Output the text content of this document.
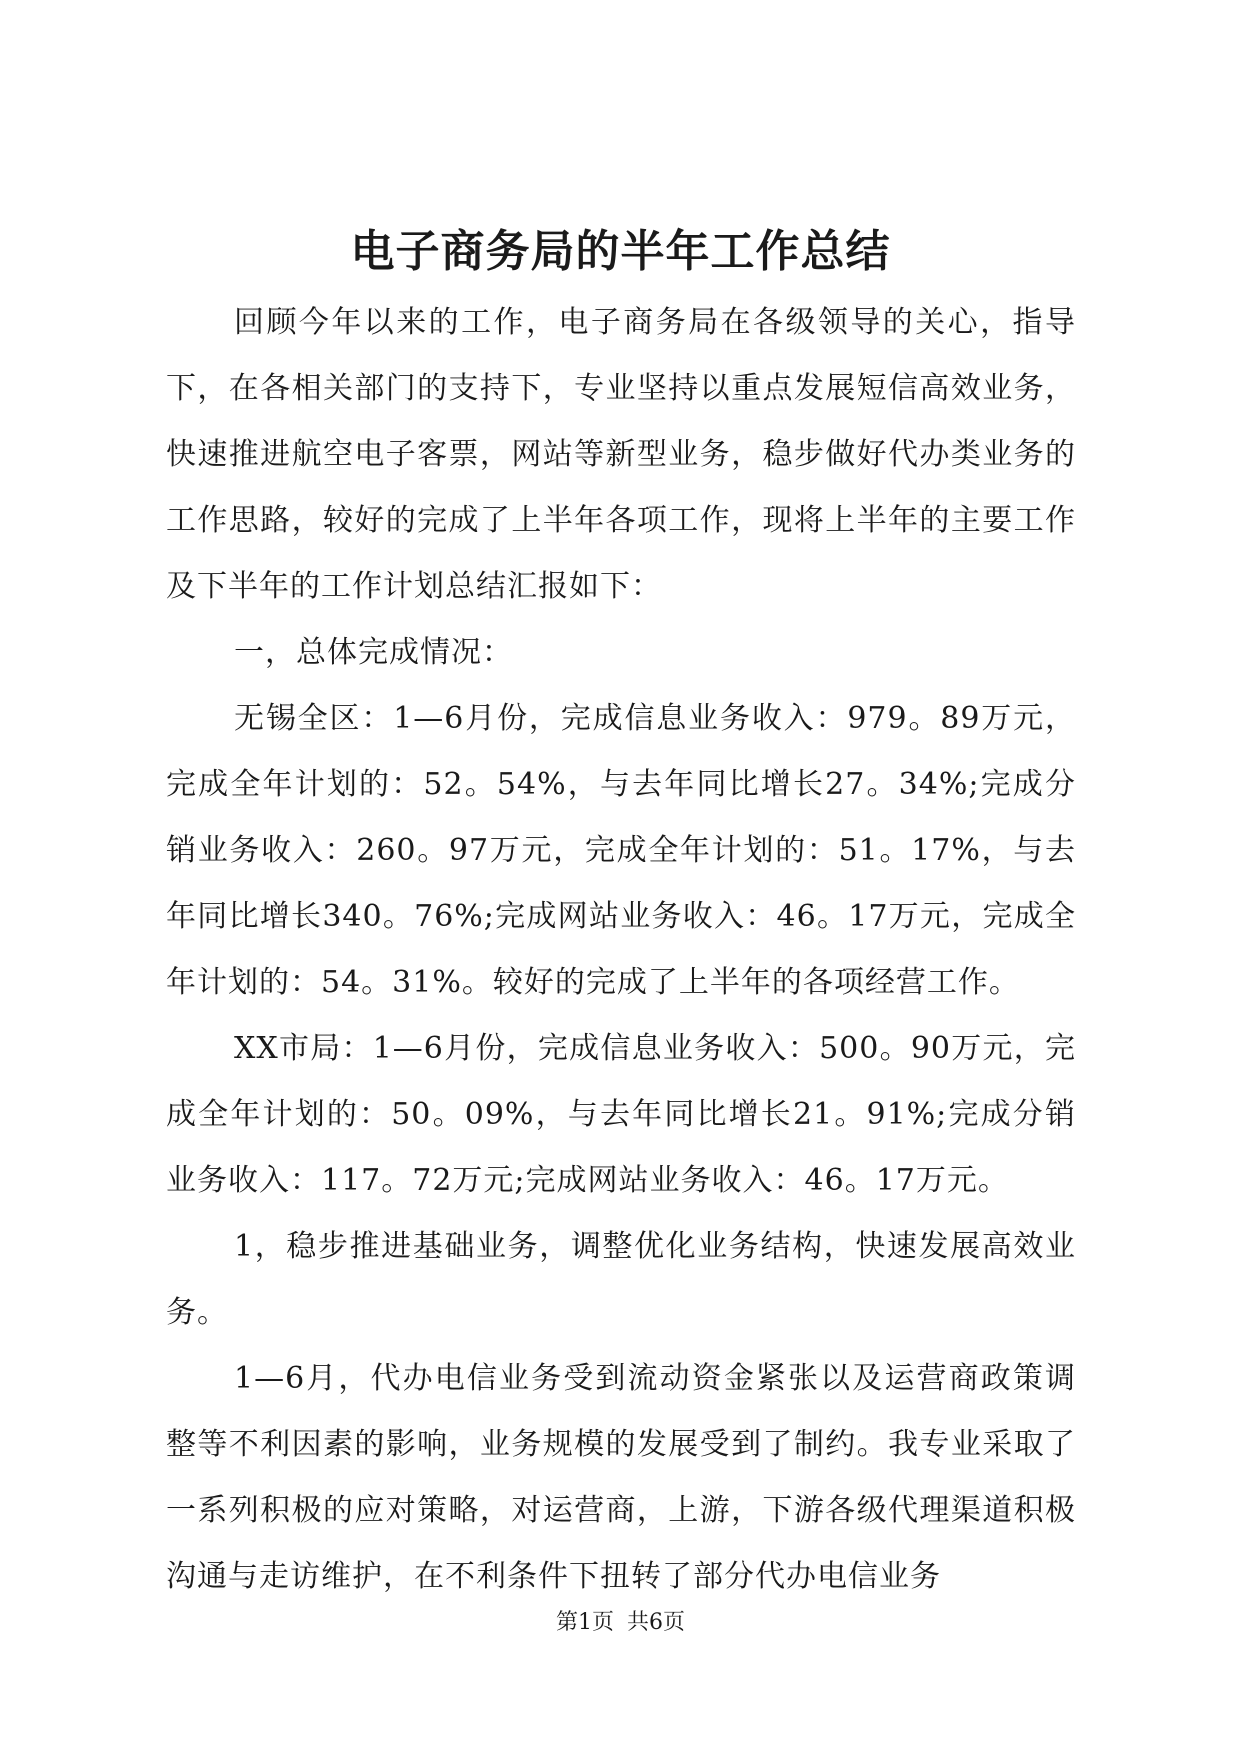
电子商务局的半年工作总结

回顾今年以来的工作，电子商务局在各级领导的关心，指导下，在各相关部门的支持下，专业坚持以重点发展短信高效业务，快速推进航空电子客票，网站等新型业务，稳步做好代办类业务的工作思路，较好的完成了上半年各项工作，现将上半年的主要工作及下半年的工作计划总结汇报如下：

一，总体完成情况：

无锡全区：1—6月份，完成信息业务收入：979。89万元，完成全年计划的：52。54%，与去年同比增长27。34%;完成分销业务收入：260。97万元，完成全年计划的：51。17%，与去年同比增长340。76%;完成网站业务收入：46。17万元，完成全年计划的：54。31%。较好的完成了上半年的各项经营工作。

XX市局：1—6月份，完成信息业务收入：500。90万元，完成全年计划的：50。09%，与去年同比增长21。91%;完成分销业务收入：117。72万元;完成网站业务收入：46。17万元。

1，稳步推进基础业务，调整优化业务结构，快速发展高效业务。

1—6月，代办电信业务受到流动资金紧张以及运营商政策调整等不利因素的影响，业务规模的发展受到了制约。我专业采取了一系列积极的应对策略，对运营商，上游，下游各级代理渠道积极沟通与走访维护，在不利条件下扭转了部分代办电信业务

第1页 共6页
